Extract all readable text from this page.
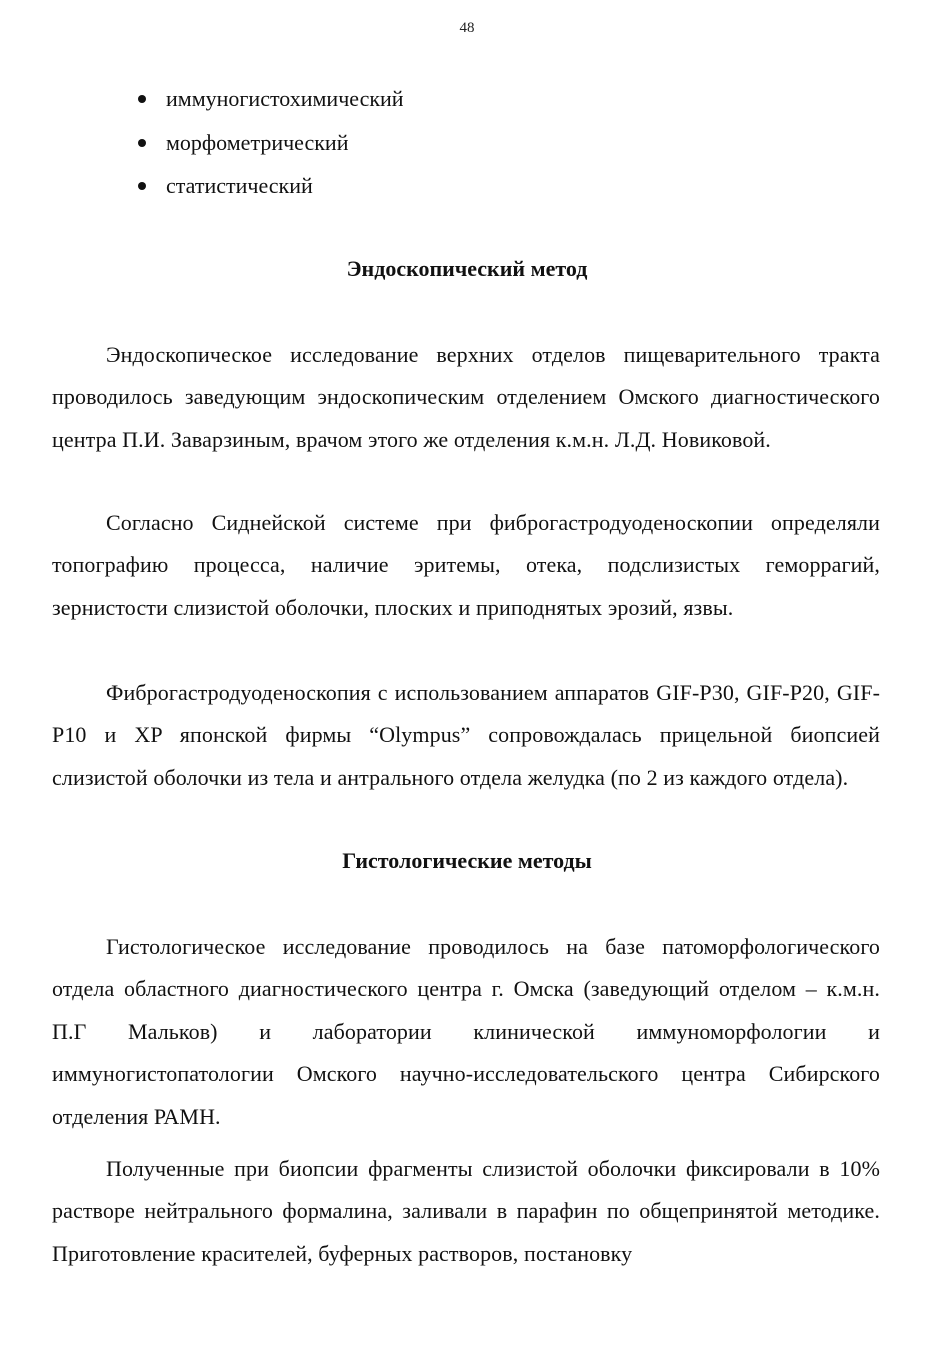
48
иммуногистохимический
морфометрический
статистический
Эндоскопический метод

Эндоскопическое исследование верхних отделов пищеварительного тракта проводилось заведующим эндоскопическим отделением Омского диагностического центра П.И. Заварзиным, врачом этого же отделения к.м.н. Л.Д. Новиковой.

Согласно Сиднейской системе при фиброгастродуоденоскопии определяли топографию процесса, наличие эритемы, отека, подслизистых геморрагий, зернистости слизистой оболочки, плоских и приподнятых эрозий, язвы.

Фиброгастродуоденоскопия с использованием аппаратов GIF-P30, GIF-P20, GIF-P10 и XP японской фирмы “Olympus” сопровождалась прицельной биопсией слизистой оболочки из тела и антрального отдела желудка (по 2 из каждого отдела).

Гистологические методы

Гистологическое исследование проводилось на базе патоморфологического отдела областного диагностического центра г. Омска (заведующий отделом – к.м.н. П.Г Мальков) и лаборатории клинической иммуноморфологии и иммуногистопатологии Омского научно-исследовательского центра Сибирского отделения РАМН.

Полученные при биопсии фрагменты слизистой оболочки фиксировали в 10% растворе нейтрального формалина, заливали в парафин по общепринятой методике. Приготовление красителей, буферных растворов, постановку
